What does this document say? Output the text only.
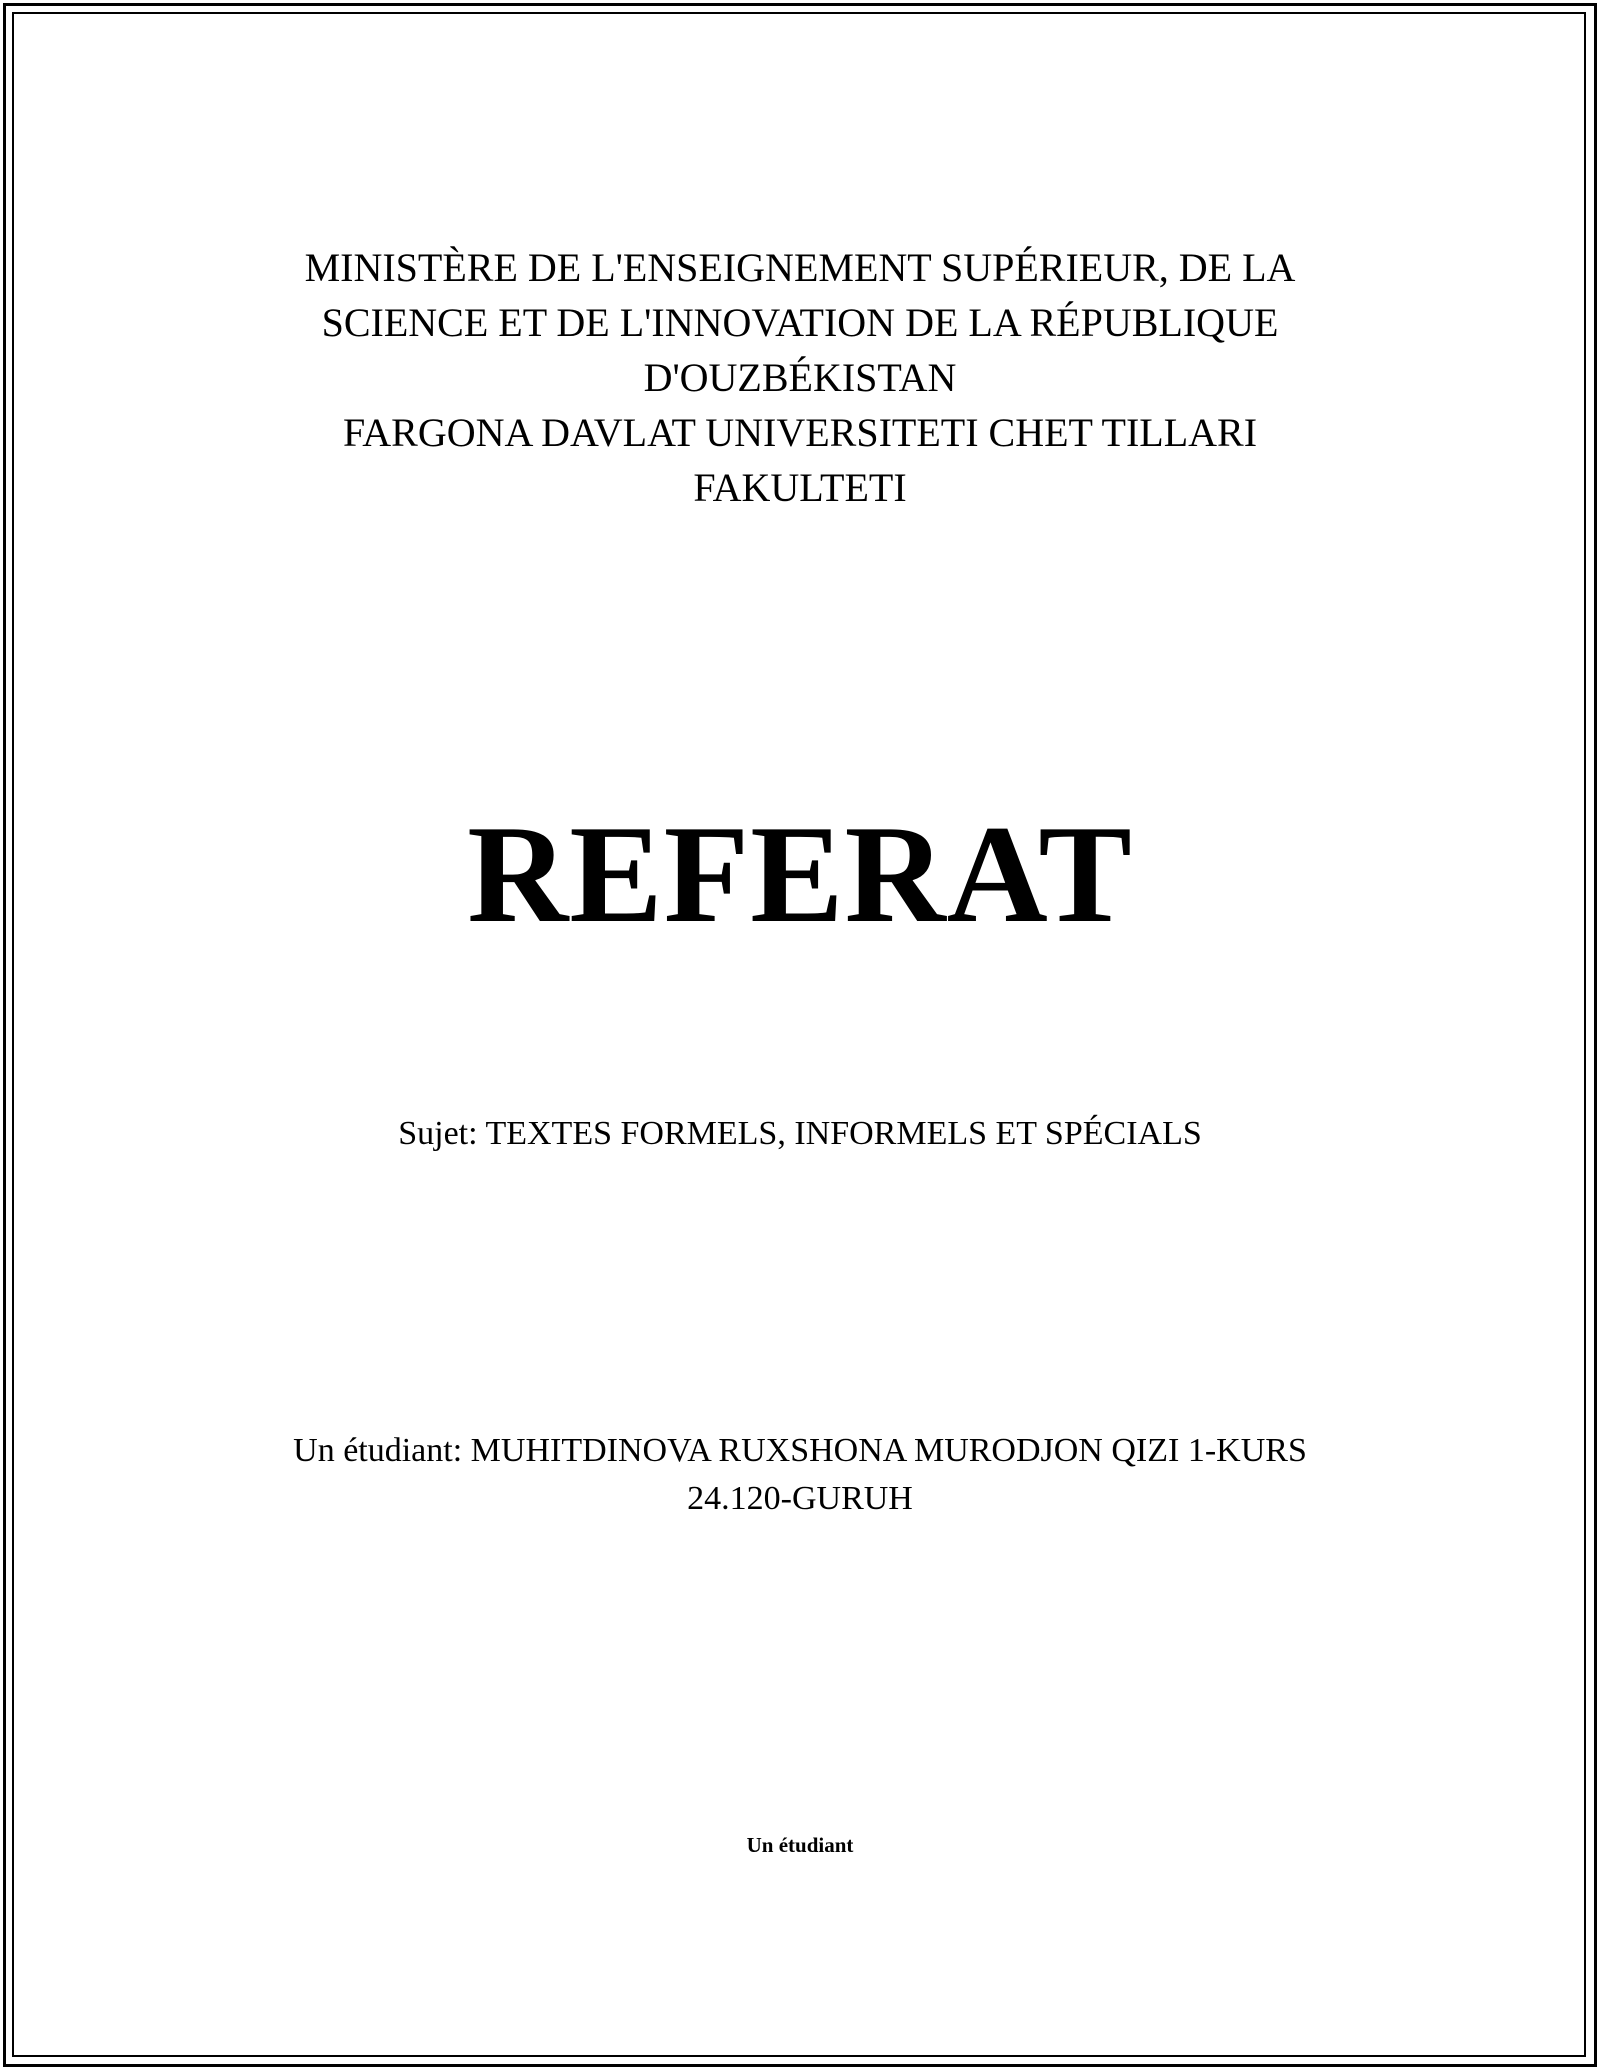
MINISTÈRE DE L'ENSEIGNEMENT SUPÉRIEUR, DE LA
SCIENCE ET DE L'INNOVATION DE LA RÉPUBLIQUE
D'OUZBÉKISTAN
FARGONA DAVLAT UNIVERSITETI CHET TILLARI
FAKULTETI
REFERAT
Sujet: TEXTES FORMELS, INFORMELS ET SPÉCIALS
Un étudiant: MUHITDINOVA RUXSHONA MURODJON QIZI 1-KURS
24.120-GURUH
Un étudiant
